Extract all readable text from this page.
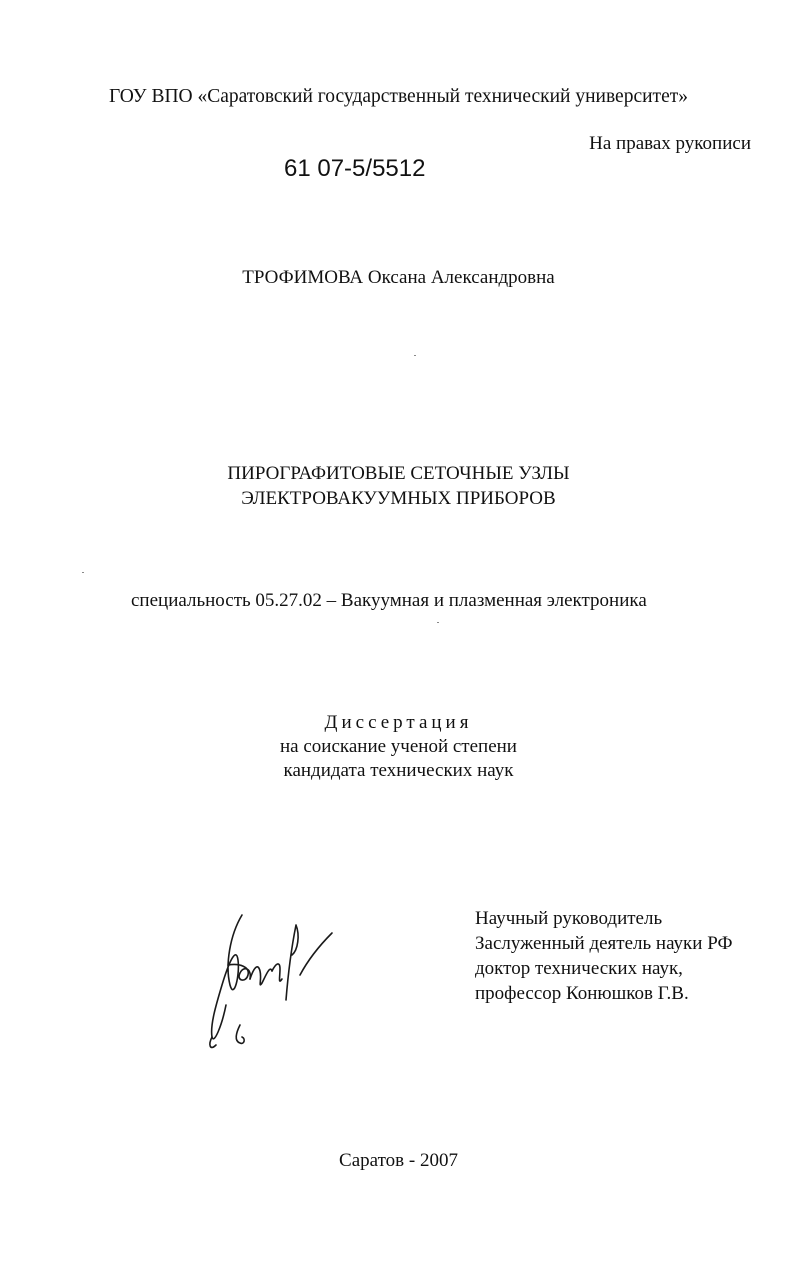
ГОУ ВПО «Саратовский государственный технический университет»
На правах рукописи
61 07-5/5512
ТРОФИМОВА Оксана Александровна
ПИРОГРАФИТОВЫЕ СЕТОЧНЫЕ УЗЛЫ
ЭЛЕКТРОВАКУУМНЫХ ПРИБОРОВ
специальность 05.27.02 – Вакуумная и плазменная электроника
Диссертация
на соискание ученой степени
кандидата технических наук
Научный руководитель
Заслуженный деятель науки РФ
доктор технических наук,
профессор Конюшков Г.В.
Саратов - 2007
